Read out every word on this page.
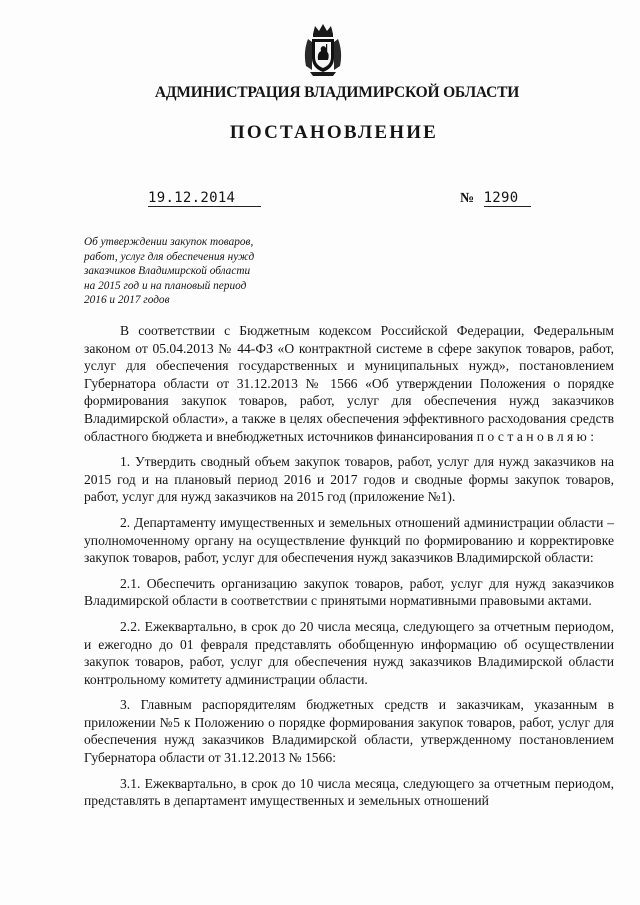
АДМИНИСТРАЦИЯ ВЛАДИМИРСКОЙ ОБЛАСТИ
ПОСТАНОВЛЕНИЕ
19.12.2014	№ 1290
Об утверждении закупок товаров,
работ, услуг для обеспечения нужд
заказчиков Владимирской области
на 2015 год и на плановый период
2016 и 2017 годов

В соответствии с Бюджетным кодексом Российской Федерации, Федеральным законом от 05.04.2013 № 44-ФЗ «О контрактной системе в сфере закупок товаров, работ, услуг для обеспечения государственных и муниципальных нужд», постановлением Губернатора области от 31.12.2013 № 1566 «Об утверждении Положения о порядке формирования закупок товаров, работ, услуг для обеспечения нужд заказчиков Владимирской области», а также в целях обеспечения эффективного расходования средств областного бюджета и внебюджетных источников финансирования постановляю:

1. Утвердить сводный объем закупок товаров, работ, услуг для нужд заказчиков на 2015 год и на плановый период 2016 и 2017 годов и сводные формы закупок товаров, работ, услуг для нужд заказчиков на 2015 год (приложение №1).

2. Департаменту имущественных и земельных отношений администрации области – уполномоченному органу на осуществление функций по формированию и корректировке закупок товаров, работ, услуг для обеспечения нужд заказчиков Владимирской области:

2.1. Обеспечить организацию закупок товаров, работ, услуг для нужд заказчиков Владимирской области в соответствии с принятыми нормативными правовыми актами.

2.2. Ежеквартально, в срок до 20 числа месяца, следующего за отчетным периодом, и ежегодно до 01 февраля представлять обобщенную информацию об осуществлении закупок товаров, работ, услуг для обеспечения нужд заказчиков Владимирской области контрольному комитету администрации области.

3. Главным распорядителям бюджетных средств и заказчикам, указанным в приложении №5 к Положению о порядке формирования закупок товаров, работ, услуг для обеспечения нужд заказчиков Владимирской области, утвержденному постановлением Губернатора области от 31.12.2013 № 1566:

3.1. Ежеквартально, в срок до 10 числа месяца, следующего за отчетным периодом, представлять в департамент имущественных и земельных отношений
